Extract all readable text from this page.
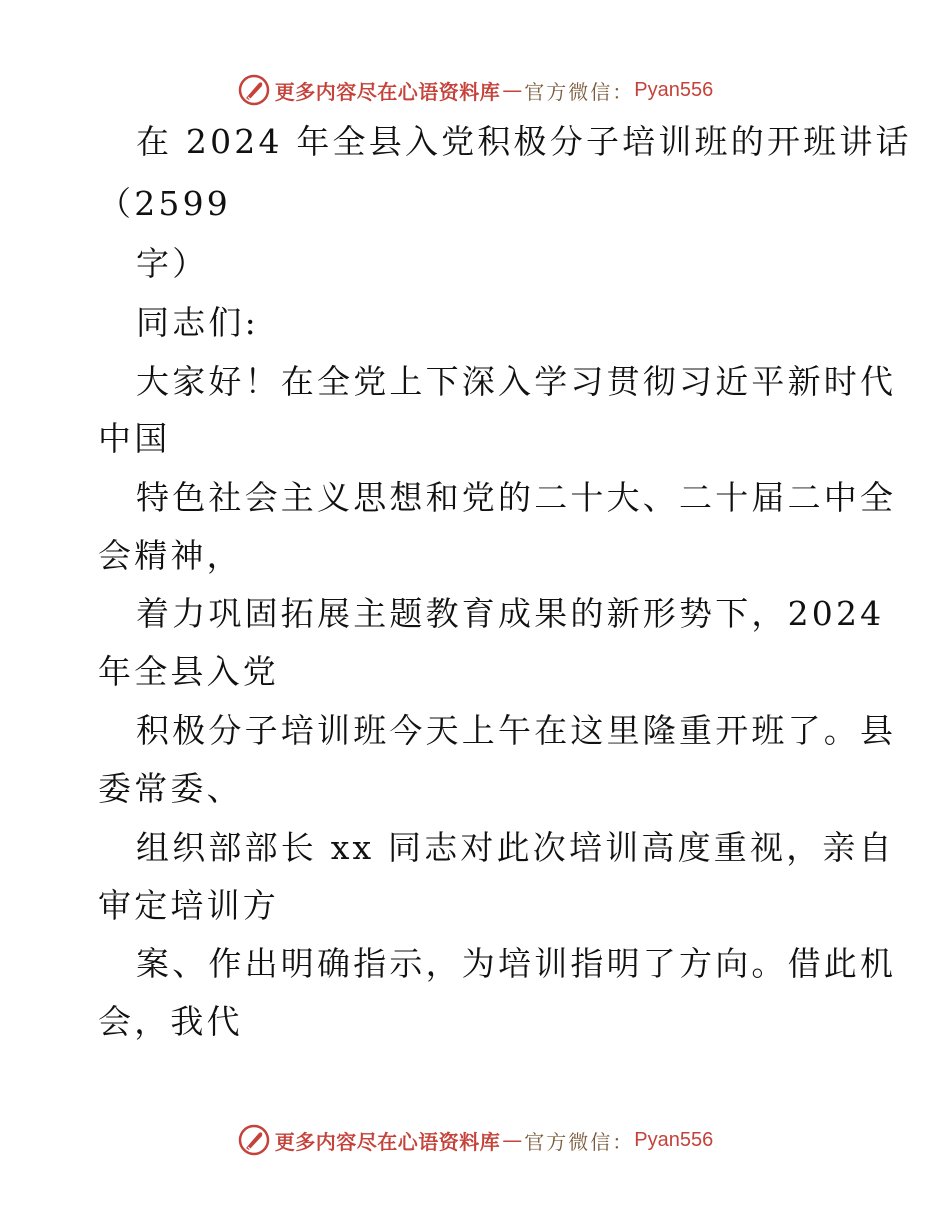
更多内容尽在心语资料库 — 官方微信： Pyan556
在 2024 年全县入党积极分子培训班的开班讲话
（2599
字）
同志们:
大家好！在全党上下深入学习贯彻习近平新时代
中国
特色社会主义思想和党的二十大、二十届二中全
会精神，
着力巩固拓展主题教育成果的新形势下，2024
年全县入党
积极分子培训班今天上午在这里隆重开班了。县
委常委、
组织部部长 xx 同志对此次培训高度重视，亲自
审定培训方
案、作出明确指示，为培训指明了方向。借此机
会，我代
更多内容尽在心语资料库 — 官方微信： Pyan556
